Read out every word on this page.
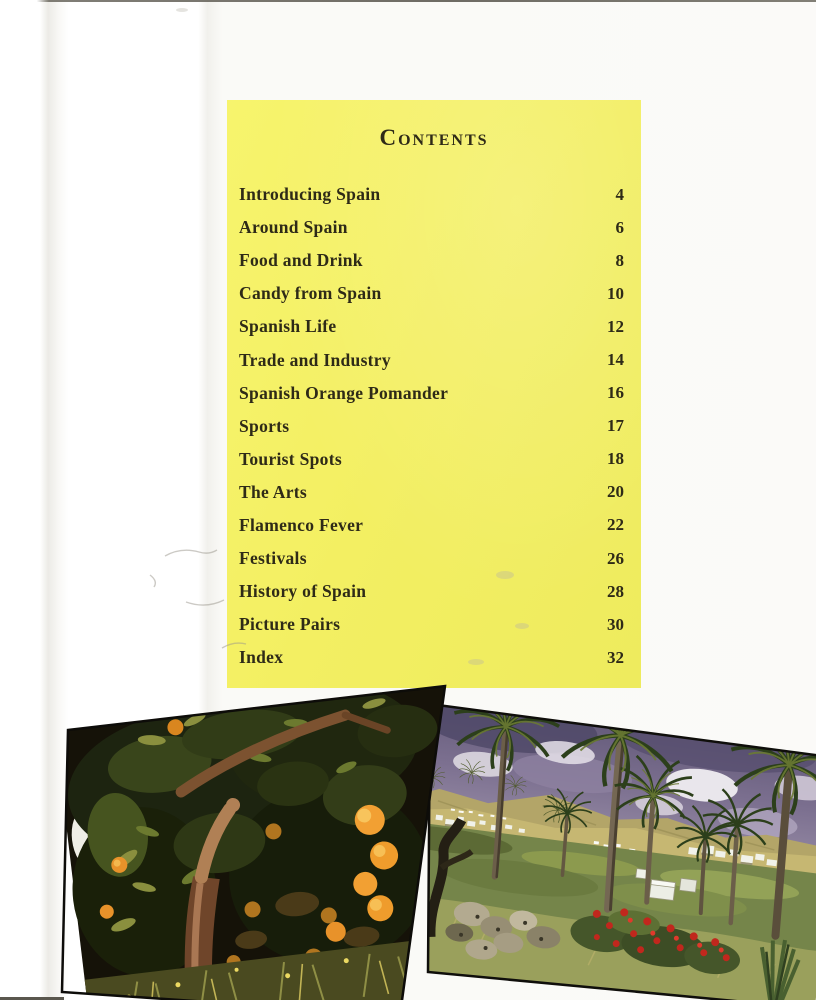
Contents
Introducing Spain	4
Around Spain	6
Food and Drink	8
Candy from Spain	10
Spanish Life	12
Trade and Industry	14
Spanish Orange Pomander	16
Sports	17
Tourist Spots	18
The Arts	20
Flamenco Fever	22
Festivals	26
History of Spain	28
Picture Pairs	30
Index	32
